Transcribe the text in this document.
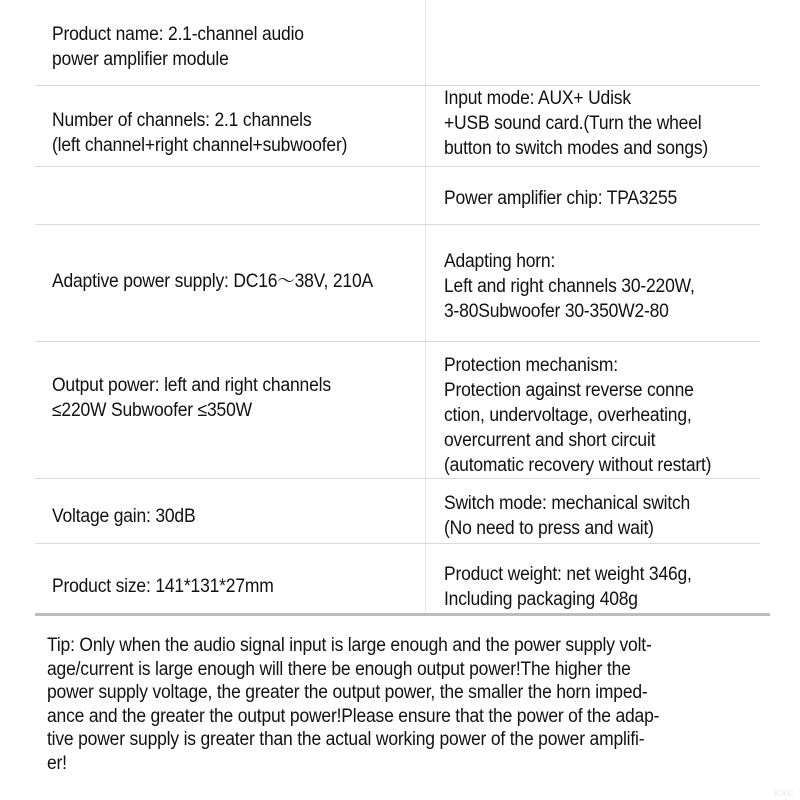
Product name: 2.1-channel audio
power amplifier module
Number of channels: 2.1 channels
(left channel+right channel+subwoofer)
Adaptive power supply: DC16～38V, 210A
Output power: left and right channels
≤220W Subwoofer ≤350W
Voltage gain: 30dB
Product size: 141*131*27mm
Input mode: AUX+ Udisk
+USB sound card.(Turn the wheel
button to switch modes and songs)
Power amplifier chip: TPA3255
Adapting horn:
Left and right channels 30-220W,
3-80Subwoofer 30-350W2-80
Protection mechanism:
Protection against reverse conne
ction, undervoltage, overheating,
overcurrent and short circuit
(automatic recovery without restart)
Switch mode: mechanical switch
(No need to press and wait)
Product weight: net weight 346g,
Including packaging 408g
Tip: Only when the audio signal input is large enough and the power supply volt-
age/current is large enough will there be enough output power!The higher the
power supply voltage, the greater the output power, the smaller the horn imped-
ance and the greater the output power!Please ensure that the power of the adap-
tive power supply is greater than the actual working power of the power amplifi-
er!
K30C
